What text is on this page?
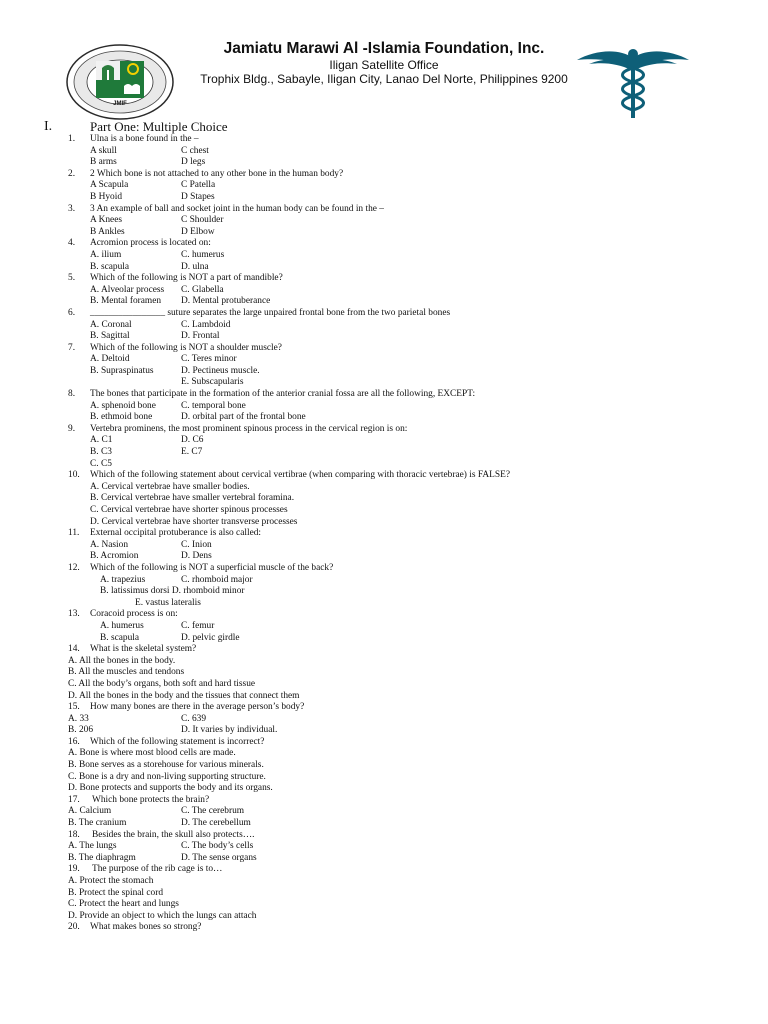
JMIF
Jamiatu Marawi Al -Islamia Foundation, Inc.
Iligan Satellite Office
Trophix Bldg., Sabayle, Iligan City, Lanao Del Norte, Philippines 9200
I.	Part One: Multiple Choice
1. Ulna is a bone found in the –
A skull	C chest
B arms	D legs
2. 2 Which bone is not attached to any other bone in the human body?
A Scapula	C Patella
B Hyoid	D Stapes
3. 3 An example of ball and socket joint in the human body can be found in the –
A Knees	C Shoulder
B Ankles	D Elbow
4. Acromion process is located on:
A. ilium	C. humerus
B. scapula	D. ulna
5. Which of the following is NOT a part of mandible?
A. Alveolar process C. Glabella
B. Mental foramen D. Mental protuberance
6. ________________ suture separates the large unpaired frontal bone from the two parietal bones
A. Coronal	C. Lambdoid
B. Sagittal	D. Frontal
7. Which of the following is NOT a shoulder muscle?
A. Deltoid	C. Teres minor
B. Supraspinatus	D. Pectineus muscle.
E. Subscapularis
8. The bones that participate in the formation of the anterior cranial fossa are all the following, EXCEPT:
A. sphenoid bone	C. temporal bone
B. ethmoid bone	D. orbital part of the frontal bone
9. Vertebra prominens, the most prominent spinous process in the cervical region is on:
A. C1	D. C6
B. C3	E. C7
C. C5
10. Which of the following statement about cervical vertibrae (when comparing with thoracic vertebrae) is FALSE?
A. Cervical vertebrae have smaller bodies.
B. Cervical vertebrae have smaller vertebral foramina.
C. Cervical vertebrae have shorter spinous processes
D. Cervical vertebrae have shorter transverse processes
11. External occipital protuberance is also called:
A. Nasion	C. Inion
B. Acromion	D. Dens
12. Which of the following is NOT a superficial muscle of the back?
A. trapezius	C. rhomboid major
B. latissimus dorsi D. rhomboid minor
E. vastus lateralis
13. Coracoid process is on:
A. humerus	C. femur
B. scapula	D. pelvic girdle
14. What is the skeletal system?
A. All the bones in the body.
B. All the muscles and tendons
C. All the body’s organs, both soft and hard tissue
D. All the bones in the body and the tissues that connect them
15. How many bones are there in the average person’s body?
A. 33	C. 639
B. 206	D. It varies by individual.
16. Which of the following statement is incorrect?
A. Bone is where most blood cells are made.
B. Bone serves as a storehouse for various minerals.
C. Bone is a dry and non-living supporting structure.
D. Bone protects and supports the body and its organs.
17. Which bone protects the brain?
A. Calcium	C. The cerebrum
B. The cranium	D. The cerebellum
18. Besides the brain, the skull also protects….
A. The lungs	C. The body’s cells
B. The diaphragm	D. The sense organs
19. The purpose of the rib cage is to…
A. Protect the stomach
B. Protect the spinal cord
C. Protect the heart and lungs
D. Provide an object to which the lungs can attach
20. What makes bones so strong?
